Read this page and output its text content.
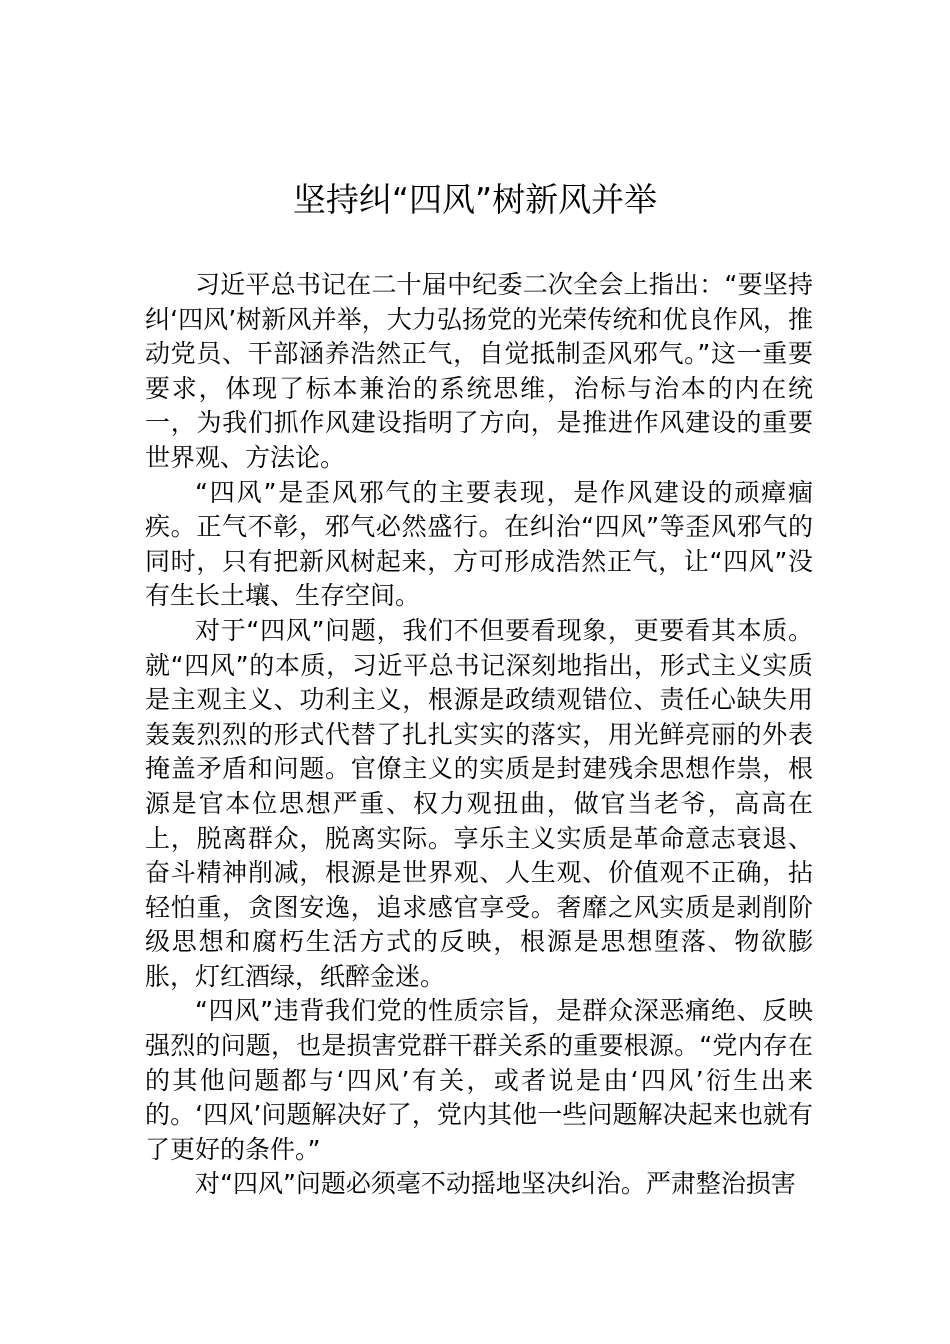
坚持纠“四风”树新风并举

习近平总书记在二十届中纪委二次全会上指出：“要坚持纠‘四风’树新风并举，大力弘扬党的光荣传统和优良作风，推动党员、干部涵养浩然正气，自觉抵制歪风邪气。”这一重要要求，体现了标本兼治的系统思维，治标与治本的内在统一，为我们抓作风建设指明了方向，是推进作风建设的重要世界观、方法论。

“四风”是歪风邪气的主要表现，是作风建设的顽瘴痼疾。正气不彰，邪气必然盛行。在纠治“四风”等歪风邪气的同时，只有把新风树起来，方可形成浩然正气，让“四风”没有生长土壤、生存空间。

对于“四风”问题，我们不但要看现象，更要看其本质。就“四风”的本质，习近平总书记深刻地指出，形式主义实质是主观主义、功利主义，根源是政绩观错位、责任心缺失用轰轰烈烈的形式代替了扎扎实实的落实，用光鲜亮丽的外表掩盖矛盾和问题。官僚主义的实质是封建残余思想作祟，根源是官本位思想严重、权力观扭曲，做官当老爷，高高在上，脱离群众，脱离实际。享乐主义实质是革命意志衰退、奋斗精神削减，根源是世界观、人生观、价值观不正确，拈轻怕重，贪图安逸，追求感官享受。奢靡之风实质是剥削阶级思想和腐朽生活方式的反映，根源是思想堕落、物欲膨胀，灯红酒绿，纸醉金迷。

“四风”违背我们党的性质宗旨，是群众深恶痛绝、反映强烈的问题，也是损害党群干群关系的重要根源。“党内存在的其他问题都与‘四风’有关，或者说是由‘四风’衍生出来的。‘四风’问题解决好了，党内其他一些问题解决起来也就有了更好的条件。”

对“四风”问题必须毫不动摇地坚决纠治。严肃整治损害
